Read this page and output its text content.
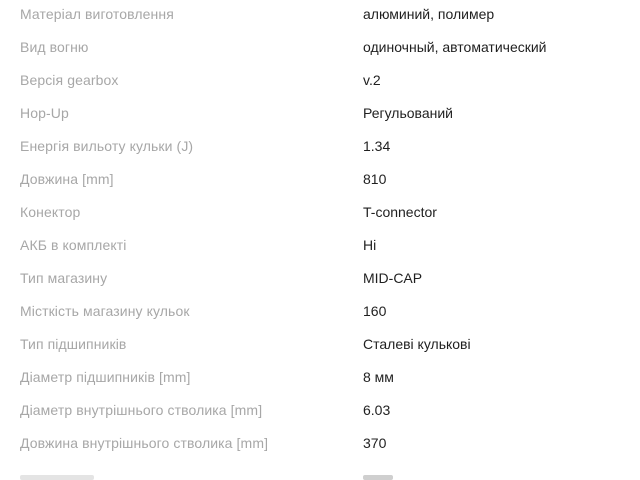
Матеріал виготовлення	алюминий, полимер
Вид вогню	одиночный, автоматический
Версія gearbox	v.2
Hop-Up	Регульований
Енергія вильоту кульки (J)	1.34
Довжина [mm]	810
Конектор	T-connector
АКБ в комплекті	Ні
Тип магазину	MID-CAP
Місткість магазину кульок	160
Тип підшипників	Сталеві кулькові
Діаметр підшипників [mm]	8 мм
Діаметр внутрішнього стволика [mm]	6.03
Довжина внутрішнього стволика [mm]	370
